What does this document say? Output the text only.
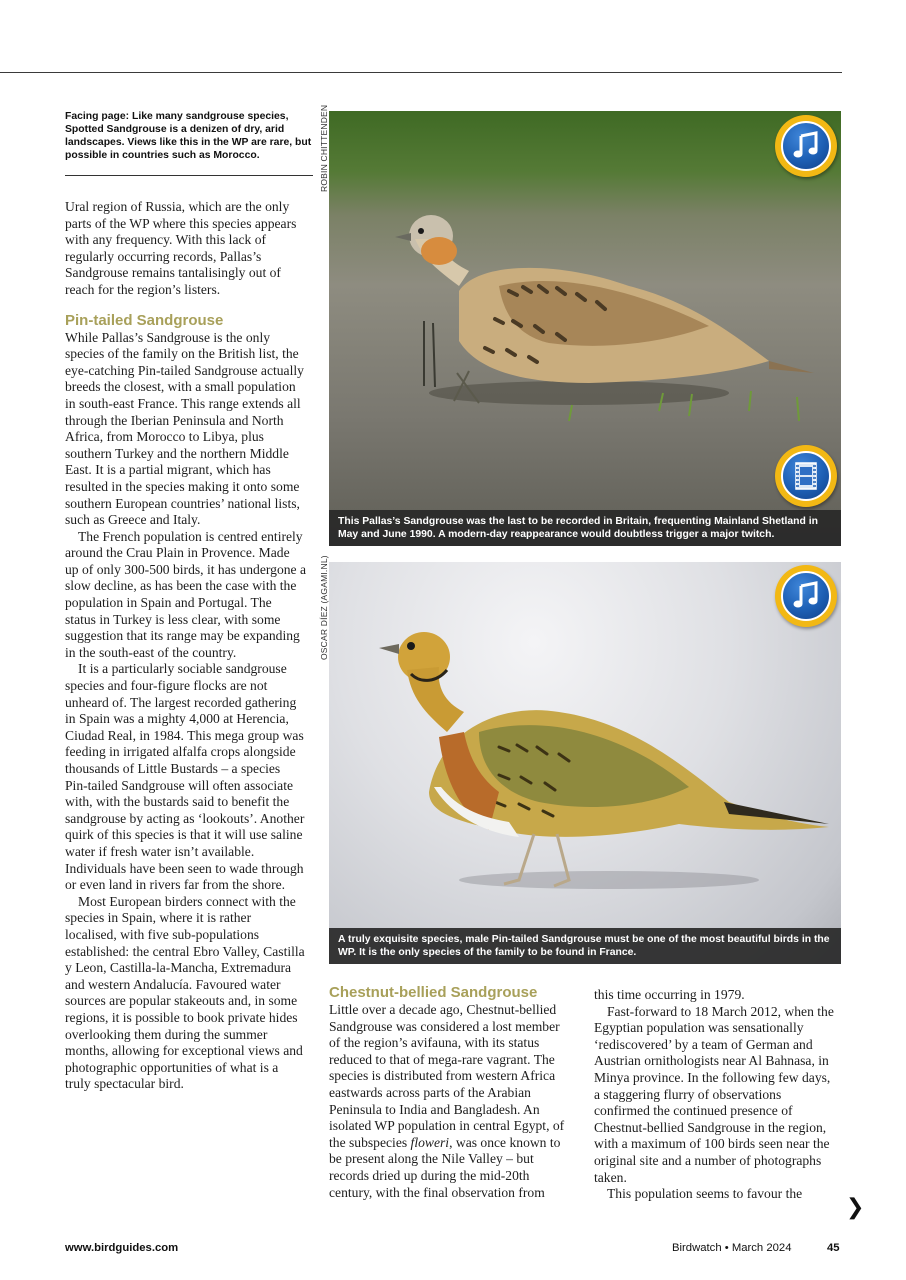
Facing page: Like many sandgrouse species, Spotted Sandgrouse is a denizen of dry, arid landscapes. Views like this in the WP are rare, but possible in countries such as Morocco.	ROBIN CHITTENDEN
OSCAR DÍEZ (AGAMI.NL)

Ural region of Russia, which are the only parts of the WP where this species appears with any frequency. With this lack of regularly occurring records, Pallas’s Sandgrouse remains tantalisingly out of reach for the region’s listers.

Pin-tailed Sandgrouse

While Pallas’s Sandgrouse is the only species of the family on the British list, the eye-catching Pin-tailed Sandgrouse actually breeds the closest, with a small population in south-east France. This range extends all through the Iberian Peninsula and North Africa, from Morocco to Libya, plus southern Turkey and the northern Middle East. It is a partial migrant, which has resulted in the species making it onto some southern European countries’ national lists, such as Greece and Italy.

The French population is centred entirely around the Crau Plain in Provence. Made up of only 300-500 birds, it has undergone a slow decline, as has been the case with the population in Spain and Portugal. The status in Turkey is less clear, with some suggestion that its range may be expanding in the south-east of the country.

It is a particularly sociable sandgrouse species and four-figure flocks are not unheard of. The largest recorded gathering in Spain was a mighty 4,000 at Herencia, Ciudad Real, in 1984. This mega group was feeding in irrigated alfalfa crops alongside thousands of Little Bustards – a species Pin-tailed Sandgrouse will often associate with, with the bustards said to benefit the sandgrouse by acting as ‘lookouts’. Another quirk of this species is that it will use saline water if fresh water isn’t available. Individuals have been seen to wade through or even land in rivers far from the shore.

Most European birders connect with the species in Spain, where it is rather localised, with five sub-populations established: the central Ebro Valley, Castilla y Leon, Castilla-la-Mancha, Extremadura and western Andalucía. Favoured water sources are popular stakeouts and, in some regions, it is possible to book private hides overlooking them during the summer months, allowing for exceptional views and photographic opportunities of what is a truly spectacular bird.

This Pallas’s Sandgrouse was the last to be recorded in Britain, frequenting Mainland Shetland in May and June 1990. A modern-day reappearance would doubtless trigger a major twitch.
A truly exquisite species, male Pin-tailed Sandgrouse must be one of the most beautiful birds in the WP. It is the only species of the family to be found in France.
Chestnut-bellied Sandgrouse

Little over a decade ago, Chestnut-bellied Sandgrouse was considered a lost member of the region’s avifauna, with its status reduced to that of mega-rare vagrant. The species is distributed from western Africa eastwards across parts of the Arabian Peninsula to India and Bangladesh. An isolated WP population in central Egypt, of the subspecies floweri, was once known to be present along the Nile Valley – but records dried up during the mid-20th century, with the final observation from

this time occurring in 1979.

Fast-forward to 18 March 2012, when the Egyptian population was sensationally ‘rediscovered’ by a team of German and Austrian ornithologists near Al Bahnasa, in Minya province. In the following few days, a staggering flurry of observations confirmed the continued presence of Chestnut-bellied Sandgrouse in the region, with a maximum of 100 birds seen near the original site and a number of photographs taken.

This population seems to favour the

❯
www.birdguides.com	Birdwatch • March 2024	45
